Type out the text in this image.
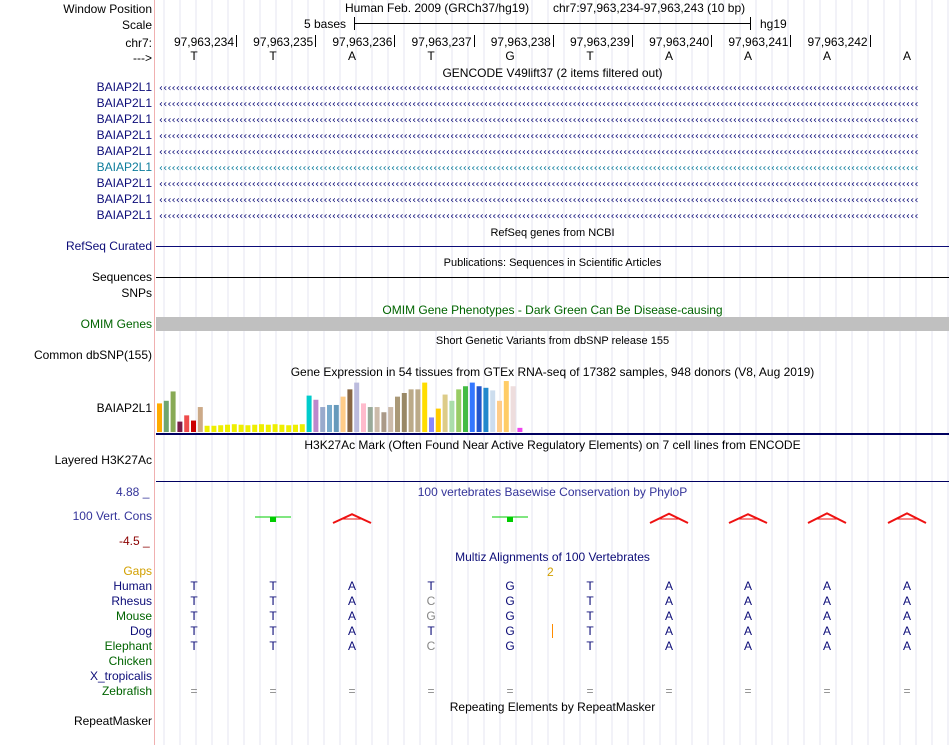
Window Position
Scale
chr7:
--->
Human Feb. 2009 (GRCh37/hg19) chr7:97,963,234-97,963,243 (10 bp)
5 bases	hg19
97,963,234 97,963,235 97,963,236 97,963,237 97,963,238 97,963,239 97,963,240 97,963,241 97,963,242
T	T	A	T	G	T	A	A	A	A
GENCODE V49lift37 (2 items filtered out)
BAIAP2L1 ‹‹‹‹‹‹‹‹‹‹‹‹‹‹‹‹‹‹‹‹‹‹‹‹‹‹‹‹‹‹‹‹‹‹‹‹‹‹‹‹‹‹‹‹‹‹‹‹‹‹‹‹‹‹‹‹‹‹‹‹‹‹‹‹‹‹‹‹‹‹‹‹‹‹‹‹‹‹‹‹‹‹‹‹‹‹‹‹‹‹‹‹‹‹‹‹‹‹‹‹‹‹‹‹‹‹‹‹‹‹‹‹‹‹‹‹‹‹‹‹‹‹‹‹‹‹‹‹‹‹‹‹‹‹‹‹‹‹‹‹‹‹‹‹‹‹‹‹‹‹‹‹‹‹‹‹‹‹‹‹‹‹‹‹‹‹‹‹‹‹‹‹‹‹‹‹‹‹‹‹
BAIAP2L1 ‹‹‹‹‹‹‹‹‹‹‹‹‹‹‹‹‹‹‹‹‹‹‹‹‹‹‹‹‹‹‹‹‹‹‹‹‹‹‹‹‹‹‹‹‹‹‹‹‹‹‹‹‹‹‹‹‹‹‹‹‹‹‹‹‹‹‹‹‹‹‹‹‹‹‹‹‹‹‹‹‹‹‹‹‹‹‹‹‹‹‹‹‹‹‹‹‹‹‹‹‹‹‹‹‹‹‹‹‹‹‹‹‹‹‹‹‹‹‹‹‹‹‹‹‹‹‹‹‹‹‹‹‹‹‹‹‹‹‹‹‹‹‹‹‹‹‹‹‹‹‹‹‹‹‹‹‹‹‹‹‹‹‹‹‹‹‹‹‹‹‹‹‹‹‹‹‹‹‹‹
BAIAP2L1 ‹‹‹‹‹‹‹‹‹‹‹‹‹‹‹‹‹‹‹‹‹‹‹‹‹‹‹‹‹‹‹‹‹‹‹‹‹‹‹‹‹‹‹‹‹‹‹‹‹‹‹‹‹‹‹‹‹‹‹‹‹‹‹‹‹‹‹‹‹‹‹‹‹‹‹‹‹‹‹‹‹‹‹‹‹‹‹‹‹‹‹‹‹‹‹‹‹‹‹‹‹‹‹‹‹‹‹‹‹‹‹‹‹‹‹‹‹‹‹‹‹‹‹‹‹‹‹‹‹‹‹‹‹‹‹‹‹‹‹‹‹‹‹‹‹‹‹‹‹‹‹‹‹‹‹‹‹‹‹‹‹‹‹‹‹‹‹‹‹‹‹‹‹‹‹‹‹‹‹‹
BAIAP2L1 ‹‹‹‹‹‹‹‹‹‹‹‹‹‹‹‹‹‹‹‹‹‹‹‹‹‹‹‹‹‹‹‹‹‹‹‹‹‹‹‹‹‹‹‹‹‹‹‹‹‹‹‹‹‹‹‹‹‹‹‹‹‹‹‹‹‹‹‹‹‹‹‹‹‹‹‹‹‹‹‹‹‹‹‹‹‹‹‹‹‹‹‹‹‹‹‹‹‹‹‹‹‹‹‹‹‹‹‹‹‹‹‹‹‹‹‹‹‹‹‹‹‹‹‹‹‹‹‹‹‹‹‹‹‹‹‹‹‹‹‹‹‹‹‹‹‹‹‹‹‹‹‹‹‹‹‹‹‹‹‹‹‹‹‹‹‹‹‹‹‹‹‹‹‹‹‹‹‹‹‹
BAIAP2L1 ‹‹‹‹‹‹‹‹‹‹‹‹‹‹‹‹‹‹‹‹‹‹‹‹‹‹‹‹‹‹‹‹‹‹‹‹‹‹‹‹‹‹‹‹‹‹‹‹‹‹‹‹‹‹‹‹‹‹‹‹‹‹‹‹‹‹‹‹‹‹‹‹‹‹‹‹‹‹‹‹‹‹‹‹‹‹‹‹‹‹‹‹‹‹‹‹‹‹‹‹‹‹‹‹‹‹‹‹‹‹‹‹‹‹‹‹‹‹‹‹‹‹‹‹‹‹‹‹‹‹‹‹‹‹‹‹‹‹‹‹‹‹‹‹‹‹‹‹‹‹‹‹‹‹‹‹‹‹‹‹‹‹‹‹‹‹‹‹‹‹‹‹‹‹‹‹‹‹‹‹
BAIAP2L1 ‹‹‹‹‹‹‹‹‹‹‹‹‹‹‹‹‹‹‹‹‹‹‹‹‹‹‹‹‹‹‹‹‹‹‹‹‹‹‹‹‹‹‹‹‹‹‹‹‹‹‹‹‹‹‹‹‹‹‹‹‹‹‹‹‹‹‹‹‹‹‹‹‹‹‹‹‹‹‹‹‹‹‹‹‹‹‹‹‹‹‹‹‹‹‹‹‹‹‹‹‹‹‹‹‹‹‹‹‹‹‹‹‹‹‹‹‹‹‹‹‹‹‹‹‹‹‹‹‹‹‹‹‹‹‹‹‹‹‹‹‹‹‹‹‹‹‹‹‹‹‹‹‹‹‹‹‹‹‹‹‹‹‹‹‹‹‹‹‹‹‹‹‹‹‹‹‹‹‹‹
BAIAP2L1 ‹‹‹‹‹‹‹‹‹‹‹‹‹‹‹‹‹‹‹‹‹‹‹‹‹‹‹‹‹‹‹‹‹‹‹‹‹‹‹‹‹‹‹‹‹‹‹‹‹‹‹‹‹‹‹‹‹‹‹‹‹‹‹‹‹‹‹‹‹‹‹‹‹‹‹‹‹‹‹‹‹‹‹‹‹‹‹‹‹‹‹‹‹‹‹‹‹‹‹‹‹‹‹‹‹‹‹‹‹‹‹‹‹‹‹‹‹‹‹‹‹‹‹‹‹‹‹‹‹‹‹‹‹‹‹‹‹‹‹‹‹‹‹‹‹‹‹‹‹‹‹‹‹‹‹‹‹‹‹‹‹‹‹‹‹‹‹‹‹‹‹‹‹‹‹‹‹‹‹‹
BAIAP2L1 ‹‹‹‹‹‹‹‹‹‹‹‹‹‹‹‹‹‹‹‹‹‹‹‹‹‹‹‹‹‹‹‹‹‹‹‹‹‹‹‹‹‹‹‹‹‹‹‹‹‹‹‹‹‹‹‹‹‹‹‹‹‹‹‹‹‹‹‹‹‹‹‹‹‹‹‹‹‹‹‹‹‹‹‹‹‹‹‹‹‹‹‹‹‹‹‹‹‹‹‹‹‹‹‹‹‹‹‹‹‹‹‹‹‹‹‹‹‹‹‹‹‹‹‹‹‹‹‹‹‹‹‹‹‹‹‹‹‹‹‹‹‹‹‹‹‹‹‹‹‹‹‹‹‹‹‹‹‹‹‹‹‹‹‹‹‹‹‹‹‹‹‹‹‹‹‹‹‹‹‹
BAIAP2L1 ‹‹‹‹‹‹‹‹‹‹‹‹‹‹‹‹‹‹‹‹‹‹‹‹‹‹‹‹‹‹‹‹‹‹‹‹‹‹‹‹‹‹‹‹‹‹‹‹‹‹‹‹‹‹‹‹‹‹‹‹‹‹‹‹‹‹‹‹‹‹‹‹‹‹‹‹‹‹‹‹‹‹‹‹‹‹‹‹‹‹‹‹‹‹‹‹‹‹‹‹‹‹‹‹‹‹‹‹‹‹‹‹‹‹‹‹‹‹‹‹‹‹‹‹‹‹‹‹‹‹‹‹‹‹‹‹‹‹‹‹‹‹‹‹‹‹‹‹‹‹‹‹‹‹‹‹‹‹‹‹‹‹‹‹‹‹‹‹‹‹‹‹‹‹‹‹‹‹‹‹
RefSeq genes from NCBI
RefSeq Curated
Publications: Sequences in Scientific Articles
Sequences
SNPs
OMIM Gene Phenotypes - Dark Green Can Be Disease-causing
OMIM Genes
Short Genetic Variants from dbSNP release 155
Common dbSNP(155)
Gene Expression in 54 tissues from GTEx RNA-seq of 17382 samples, 948 donors (V8, Aug 2019)
BAIAP2L1
H3K27Ac Mark (Often Found Near Active Regulatory Elements) on 7 cell lines from ENCODE
Layered H3K27Ac
100 vertebrates Basewise Conservation by PhyloP
100 Vert. Cons
4.88 _
-4.5 _
Multiz Alignments of 100 Vertebrates
Gaps	2
Human	T	T	A	T	G	T	A	A	A	A
Rhesus	T	T	A	C	G	T	A	A	A	A
Mouse	T	T	A	G	G	T	A	A	A	A
Dog	T	T	A	T	G	T	A	A	A	A
Elephant	T	T	A	C	G	T	A	A	A	A
Chicken
X_tropicalis
Zebrafish	=	=	=	=	=	=	=	=	=	=
Repeating Elements by RepeatMasker
RepeatMasker
